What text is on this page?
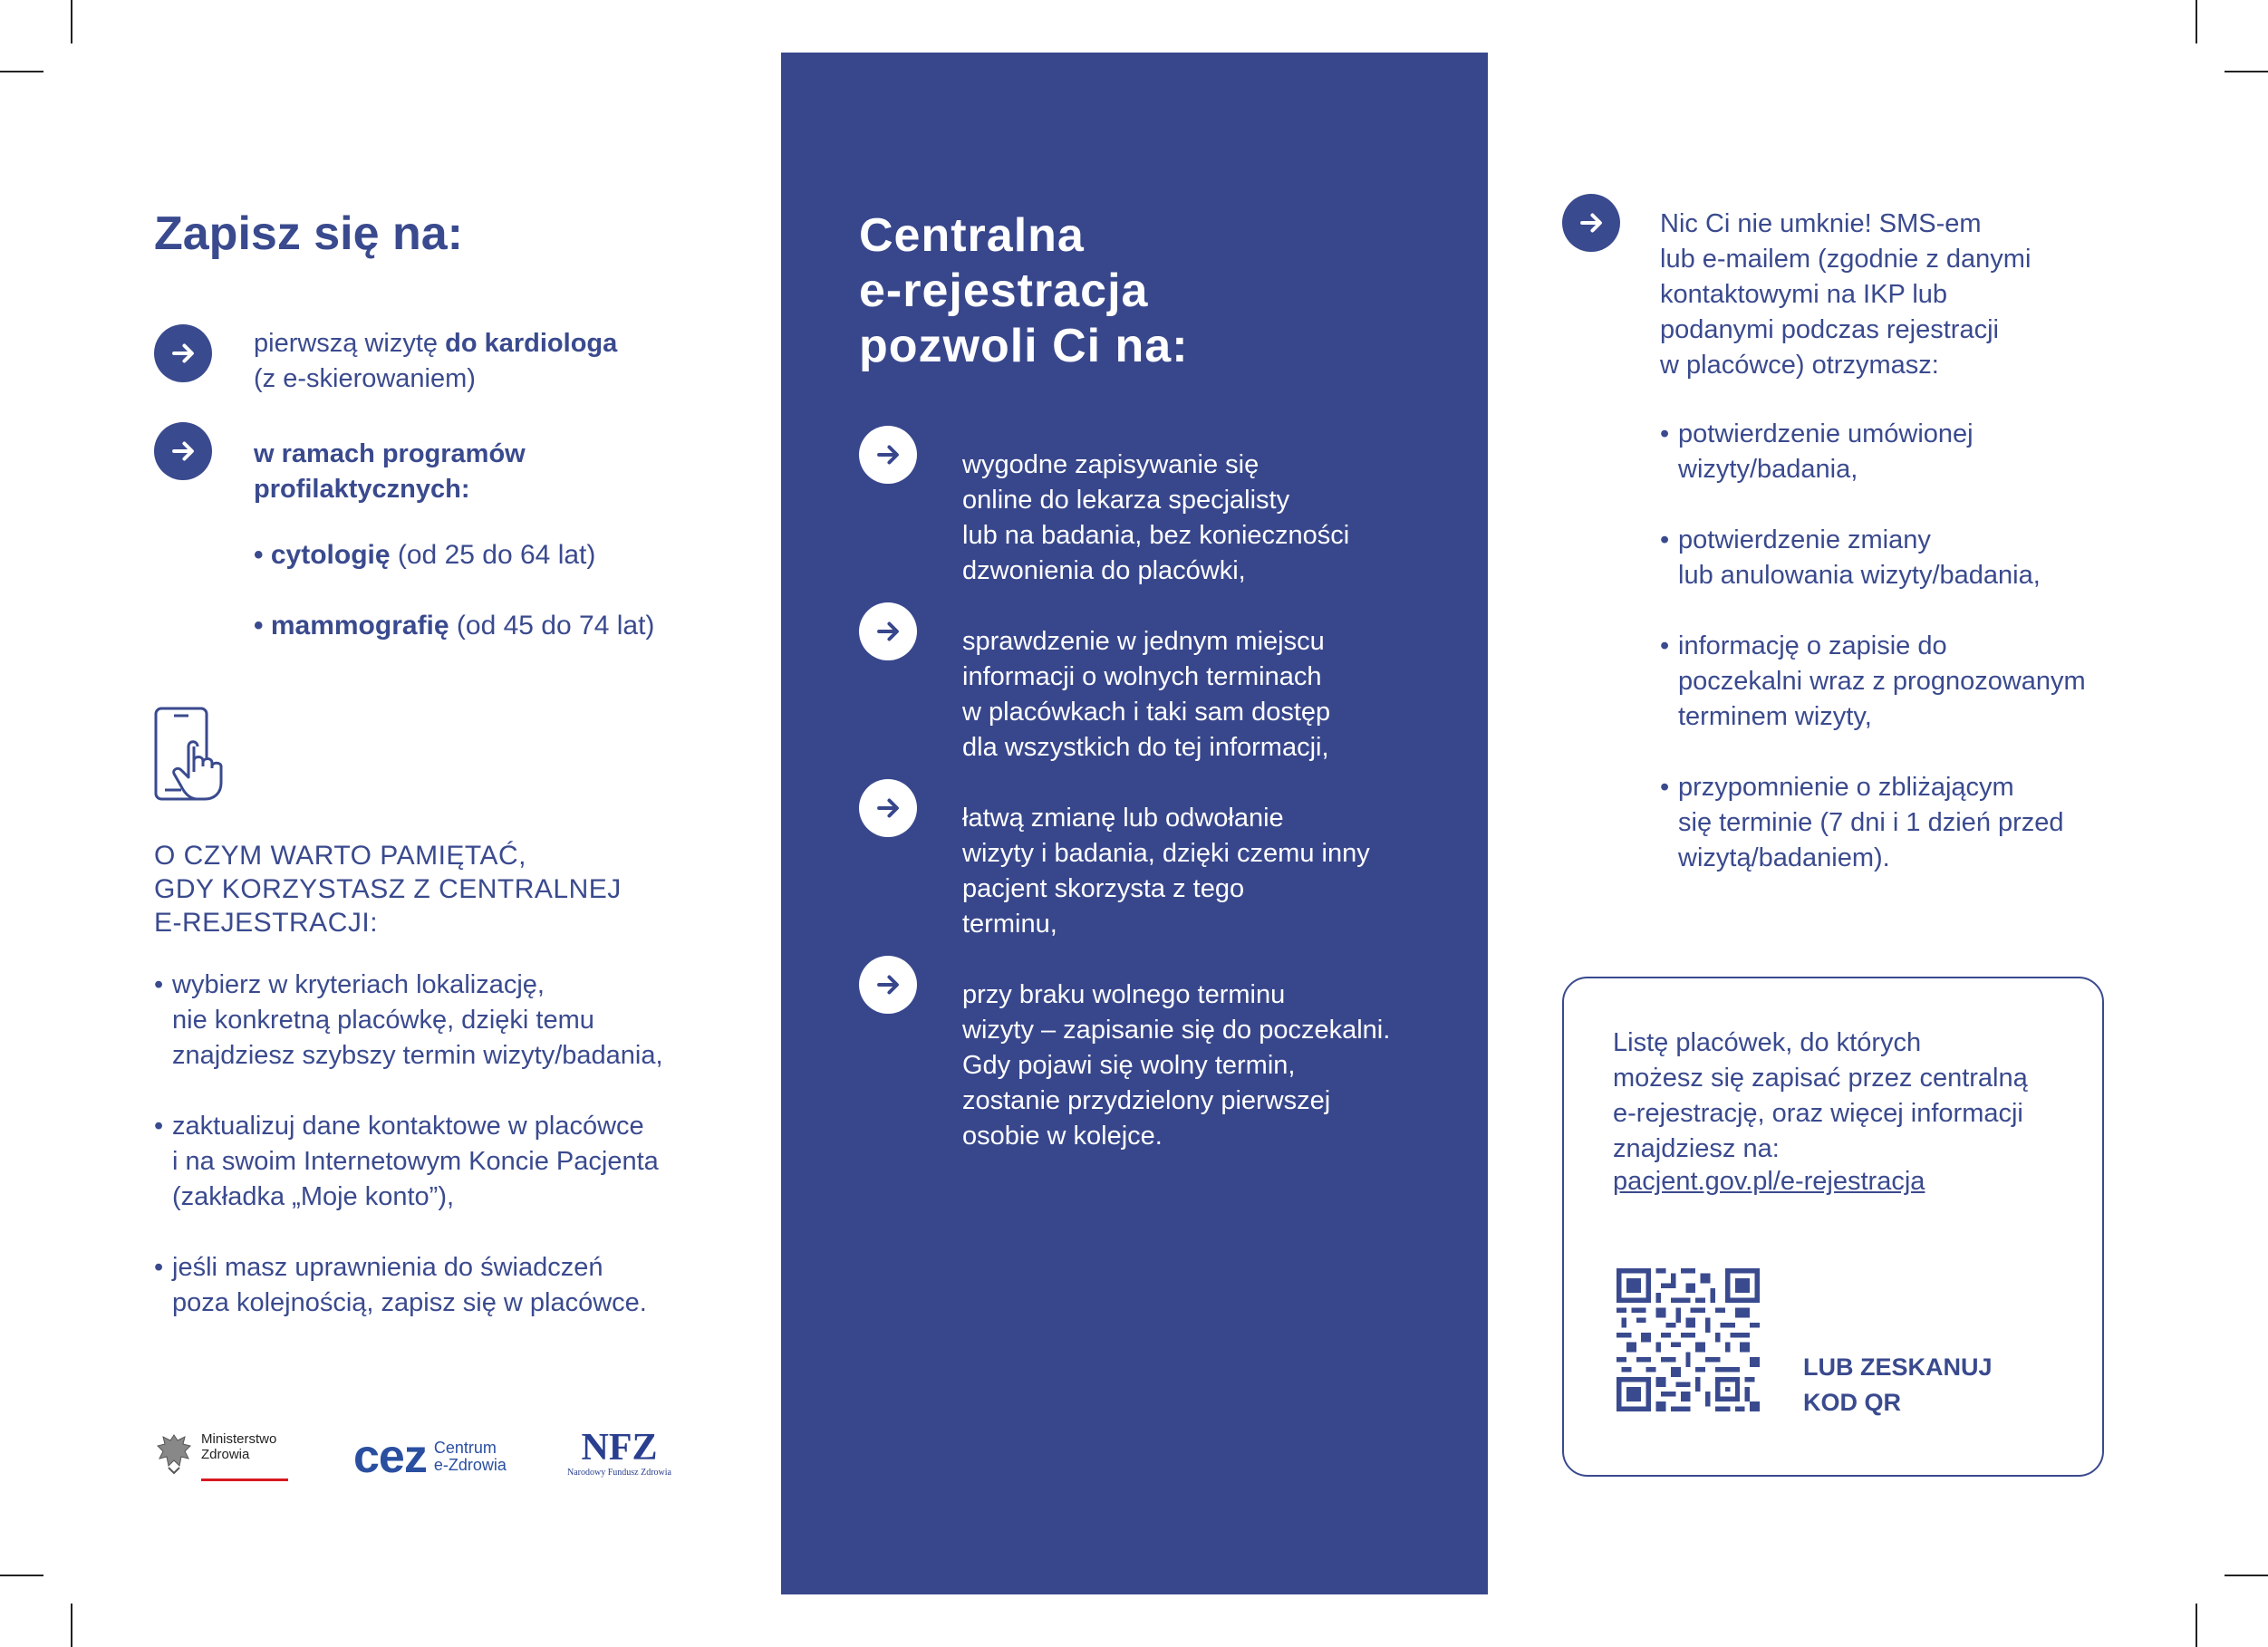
Zapisz się na:
pierwszą wizytę do kardiologa
(z e-skierowaniem)
w ramach programów
profilaktycznych:
• cytologię (od 25 do 64 lat)
• mammografię (od 45 do 74 lat)
O CZYM WARTO PAMIĘTAĆ,
GDY KORZYSTASZ Z CENTRALNEJ
E-REJESTRACJI:
• wybierz w kryteriach lokalizację,
nie konkretną placówkę, dzięki temu
znajdziesz szybszy termin wizyty/badania,
• zaktualizuj dane kontaktowe w placówce
i na swoim Internetowym Koncie Pacjenta
(zakładka „Moje konto”),
• jeśli masz uprawnienia do świadczeń
poza kolejnością, zapisz się w placówce.
Ministerstwo
Zdrowia	cez Centrum
e-Zdrowia	NFZ
Narodowy Fundusz Zdrowia
Centralna
e-rejestracja
pozwoli Ci na:
wygodne zapisywanie się
online do lekarza specjalisty
lub na badania, bez konieczności
dzwonienia do placówki,
sprawdzenie w jednym miejscu
informacji o wolnych terminach
w placówkach i taki sam dostęp
dla wszystkich do tej informacji,
łatwą zmianę lub odwołanie
wizyty i badania, dzięki czemu inny
pacjent skorzysta z tego
terminu,
przy braku wolnego terminu
wizyty – zapisanie się do poczekalni.
Gdy pojawi się wolny termin,
zostanie przydzielony pierwszej
osobie w kolejce.
Nic Ci nie umknie! SMS-em
lub e-mailem (zgodnie z danymi
kontaktowymi na IKP lub
podanymi podczas rejestracji
w placówce) otrzymasz:
• potwierdzenie umówionej
wizyty/badania,
• potwierdzenie zmiany
lub anulowania wizyty/badania,
• informację o zapisie do
poczekalni wraz z prognozowanym
terminem wizyty,
• przypomnienie o zbliżającym
się terminie (7 dni i 1 dzień przed
wizytą/badaniem).
Listę placówek, do których
możesz się zapisać przez centralną
e-rejestrację, oraz więcej informacji
znajdziesz na:
pacjent.gov.pl/e-rejestracja
LUB ZESKANUJ
KOD QR
